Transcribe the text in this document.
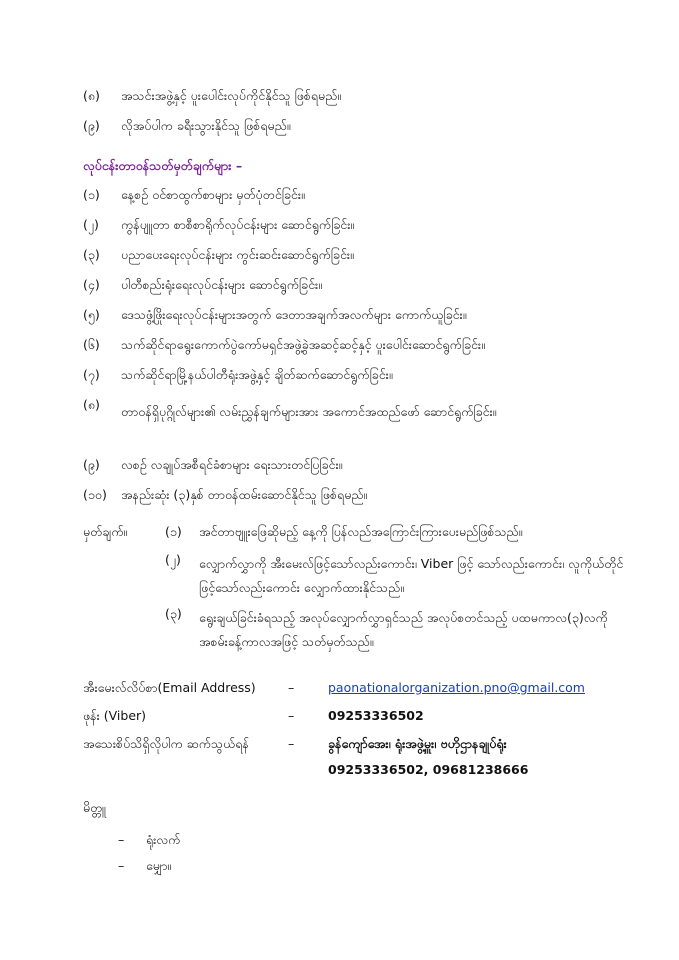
(၈)	အသင်းအဖွဲ့နှင့် ပူးပေါင်းလုပ်ကိုင်နိုင်သူ ဖြစ်ရမည်။
(၉)	လိုအပ်ပါက ခရီးသွားနိုင်သူ ဖြစ်ရမည်။
လုပ်ငန်းတာဝန်သတ်မှတ်ချက်များ –
(၁)	နေ့စဉ် ဝင်စာထွက်စာများ မှတ်ပုံတင်ခြင်း။
(၂)	ကွန်ပျူတာ စာစီစာရိုက်လုပ်ငန်းများ ဆောင်ရွက်ခြင်း။
(၃)	ပညာပေးရေးလုပ်ငန်းများ ကွင်းဆင်းဆောင်ရွက်ခြင်း။
(၄)	ပါတီစည်းရုံးရေးလုပ်ငန်းများ ဆောင်ရွက်ခြင်း။
(၅)	ဒေသဖွံ့ဖြိုးရေးလုပ်ငန်းများအတွက် ဒေတာအချက်အလက်များ ကောက်ယူခြင်း။
(၆)	သက်ဆိုင်ရာရွေးကောက်ပွဲကော်မရှင်အဖွဲ့ခွဲအဆင့်ဆင့်နှင့် ပူးပေါင်းဆောင်ရွက်ခြင်း။
(၇)	သက်ဆိုင်ရာမြို့နယ်ပါတီရုံးအဖွဲ့နှင့် ချိတ်ဆက်ဆောင်ရွက်ခြင်း။
(၈)	တာဝန်ရှိပုဂ္ဂိုလ်များ၏ လမ်းညွှန်ချက်များအား အကောင်အထည်ဖော် ဆောင်ရွက်ခြင်း။
(၉)	လစဉ် လချုပ်အစီရင်ခံစာများ ရေးသားတင်ပြခြင်း။
(၁၀)	အနည်းဆုံး (၃)နှစ် တာဝန်ထမ်းဆောင်နိုင်သူ ဖြစ်ရမည်။
မှတ်ချက်။	(၁)	အင်တာဗျူးဖြေဆိုမည့် နေ့ကို ပြန်လည်အကြောင်းကြားပေးမည်ဖြစ်သည်။
(၂)	လျှောက်လွှာကို အီးမေးလ်ဖြင့်သော်လည်းကောင်း၊ Viber ဖြင့် သော်လည်းကောင်း၊ လူကိုယ်တိုင်ဖြင့်သော်လည်းကောင်း လျှောက်ထားနိုင်သည်။
(၃)	ရွေးချယ်ခြင်းခံရသည့် အလုပ်လျှောက်လွှာရှင်သည် အလုပ်စတင်သည့် ပထမကာလ(၃)လကို အစမ်းခန့်ကာလအဖြင့် သတ်မှတ်သည်။
အီးမေးလ်လိပ်စာ(Email Address)	–	paonationalorganization.pno@gmail.com
ဖုန်း (Viber)	–	09253336502
အသေးစိပ်သိရှိလိုပါက ဆက်သွယ်ရန်	–	ခွန်ကျော်အေး၊ ရုံးအဖွဲ့မှူး၊ ဗဟိုဌာနချုပ်ရုံး
09253336502, 09681238666
မိတ္တူ
– ရုံးလက်
– မျှော။
